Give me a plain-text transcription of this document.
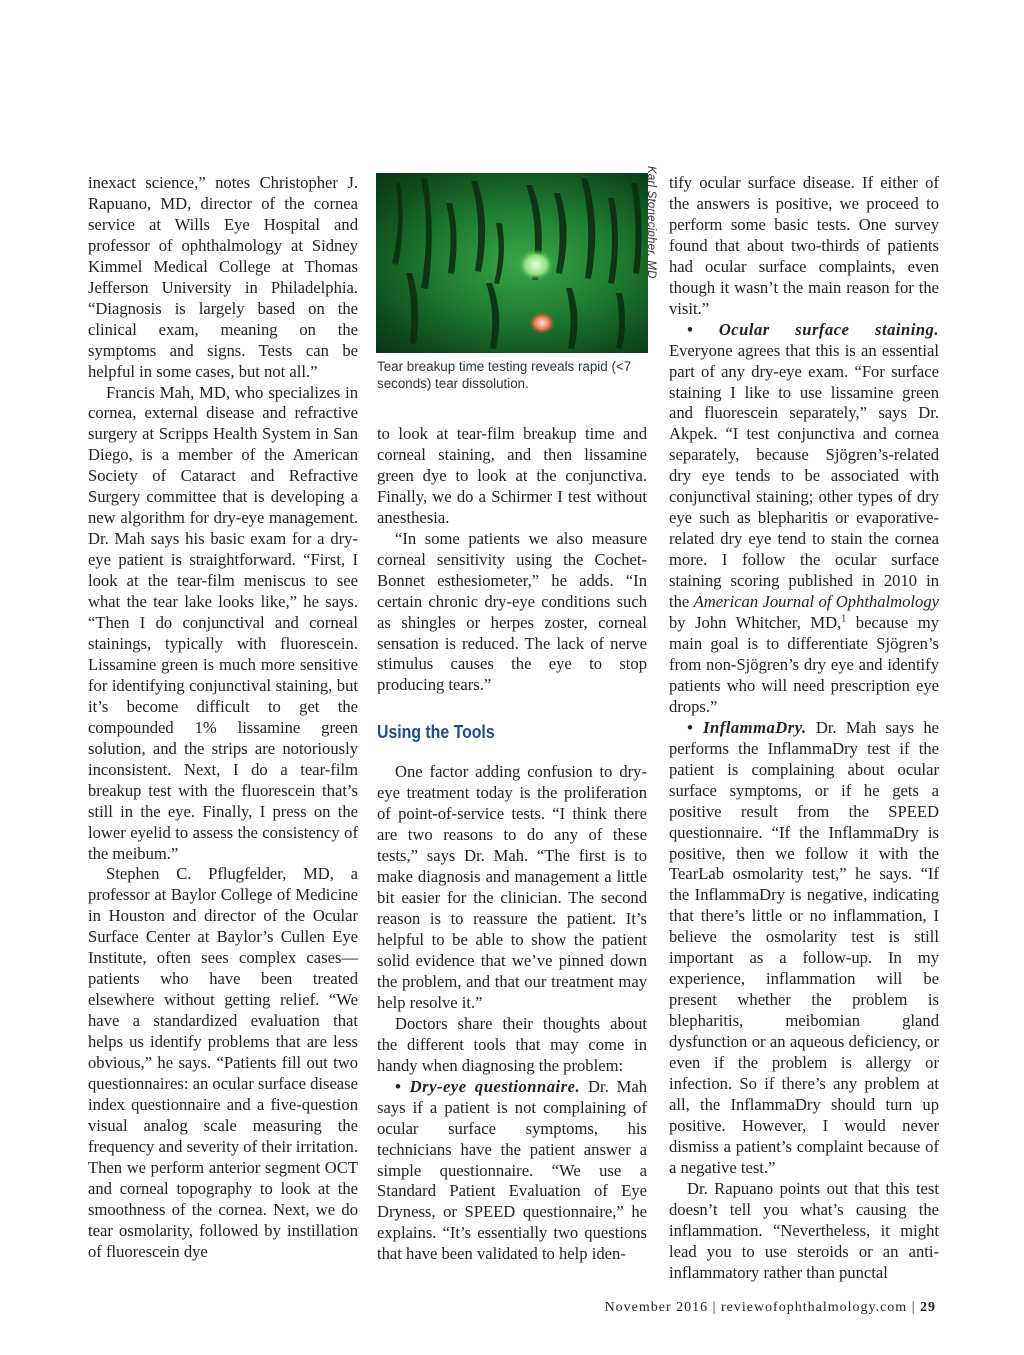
inexact science,” notes Christopher J. Rapuano, MD, director of the cornea service at Wills Eye Hospital and professor of ophthalmology at Sidney Kimmel Medical College at Thomas Jefferson University in Philadelphia. “Diagnosis is largely based on the clinical exam, meaning on the symptoms and signs. Tests can be helpful in some cases, but not all.”

Francis Mah, MD, who specializes in cornea, external disease and refractive surgery at Scripps Health System in San Diego, is a member of the American Society of Cataract and Refractive Surgery committee that is developing a new algorithm for dry-eye management. Dr. Mah says his basic exam for a dry-eye patient is straightforward. “First, I look at the tear-film meniscus to see what the tear lake looks like,” he says. “Then I do conjunctival and corneal stainings, typically with fluorescein. Lissamine green is much more sensitive for identifying conjunctival staining, but it’s become difficult to get the compounded 1% lissamine green solution, and the strips are notoriously inconsistent. Next, I do a tear-film breakup test with the fluorescein that’s still in the eye. Finally, I press on the lower eyelid to assess the consistency of the meibum.”

Stephen C. Pflugfelder, MD, a professor at Baylor College of Medicine in Houston and director of the Ocular Surface Center at Baylor’s Cullen Eye Institute, often sees complex cases—patients who have been treated elsewhere without getting relief. “We have a standardized evaluation that helps us identify problems that are less obvious,” he says. “Patients fill out two questionnaires: an ocular surface disease index questionnaire and a five-question visual analog scale measuring the frequency and severity of their irritation. Then we perform anterior segment OCT and corneal topography to look at the smoothness of the cornea. Next, we do tear osmolarity, followed by instillation of fluorescein dye

Karl Stonecipher, MD
Tear breakup time testing reveals rapid (<7 seconds) tear dissolution.

to look at tear-film breakup time and corneal staining, and then lissamine green dye to look at the conjunctiva. Finally, we do a Schirmer I test without anesthesia.

“In some patients we also measure corneal sensitivity using the Cochet-Bonnet esthesiometer,” he adds. “In certain chronic dry-eye conditions such as shingles or herpes zoster, corneal sensation is reduced. The lack of nerve stimulus causes the eye to stop producing tears.”

Using the Tools

One factor adding confusion to dry-eye treatment today is the proliferation of point-of-service tests. “I think there are two reasons to do any of these tests,” says Dr. Mah. “The first is to make diagnosis and management a little bit easier for the clinician. The second reason is to reassure the patient. It’s helpful to be able to show the patient solid evidence that we’ve pinned down the problem, and that our treatment may help resolve it.”

Doctors share their thoughts about the different tools that may come in handy when diagnosing the problem:

• Dry-eye questionnaire. Dr. Mah says if a patient is not complaining of ocular surface symptoms, his technicians have the patient answer a simple questionnaire. “We use a Standard Patient Evaluation of Eye Dryness, or SPEED questionnaire,” he explains. “It’s essentially two questions that have been validated to help iden-

tify ocular surface disease. If either of the answers is positive, we proceed to perform some basic tests. One survey found that about two-thirds of patients had ocular surface complaints, even though it wasn’t the main reason for the visit.”

• Ocular surface staining. Everyone agrees that this is an essential part of any dry-eye exam. “For surface staining I like to use lissamine green and fluorescein separately,” says Dr. Akpek. “I test conjunctiva and cornea separately, because Sjögren’s-related dry eye tends to be associated with conjunctival staining; other types of dry eye such as blepharitis or evaporative-related dry eye tend to stain the cornea more. I follow the ocular surface staining scoring published in 2010 in the American Journal of Ophthalmology by John Whitcher, MD,$^1$ because my main goal is to differentiate Sjögren’s from non-Sjögren’s dry eye and identify patients who will need prescription eye drops.”

• InflammaDry. Dr. Mah says he performs the InflammaDry test if the patient is complaining about ocular surface symptoms, or if he gets a positive result from the SPEED questionnaire. “If the InflammaDry is positive, then we follow it with the TearLab osmolarity test,” he says. “If the InflammaDry is negative, indicating that there’s little or no inflammation, I believe the osmolarity test is still important as a follow-up. In my experience, inflammation will be present whether the problem is blepharitis, meibomian gland dysfunction or an aqueous deficiency, or even if the problem is allergy or infection. So if there’s any problem at all, the InflammaDry should turn up positive. However, I would never dismiss a patient’s complaint because of a negative test.”

Dr. Rapuano points out that this test doesn’t tell you what’s causing the inflammation. “Nevertheless, it might lead you to use steroids or an anti-inflammatory rather than punctal

November 2016 | reviewofophthalmology.com | 29
